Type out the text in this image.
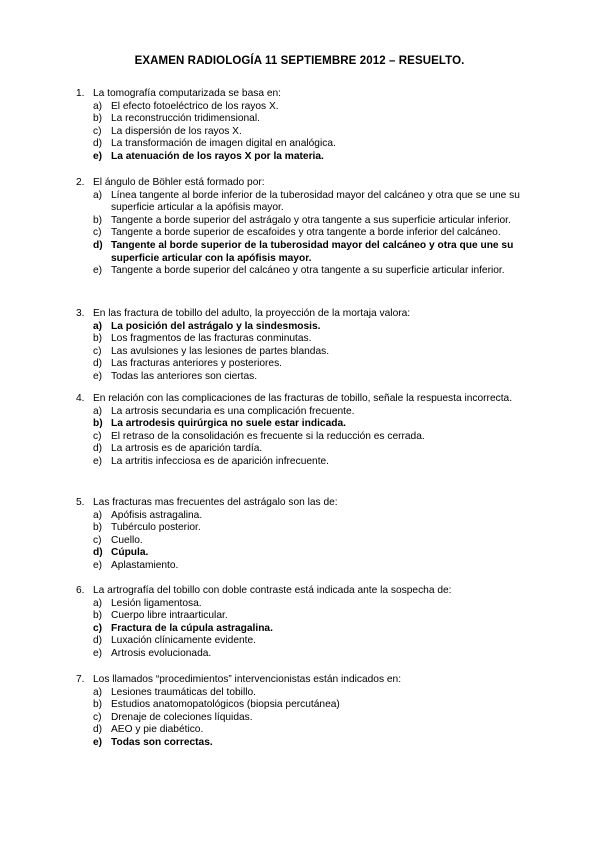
EXAMEN RADIOLOGÍA 11 SEPTIEMBRE 2012 – RESUELTO.
1. La tomografía computarizada se basa en:
a) El efecto fotoeléctrico de los rayos X.
b) La reconstrucción tridimensional.
c) La dispersión de los rayos X.
d) La transformación de imagen digital en analógica.
e) La atenuación de los rayos X por la materia.
2. El ángulo de Böhler está formado por:
a) Línea tangente al borde inferior de la tuberosidad mayor del calcáneo y otra que se une su superficie articular a la apófisis mayor.
b) Tangente a borde superior del astrágalo y otra tangente a sus superficie articular inferior.
c) Tangente a borde superior de escafoides y otra tangente a borde inferior del calcáneo.
d) Tangente al borde superior de la tuberosidad mayor del calcáneo y otra que une su superficie articular con la apófisis mayor.
e) Tangente a borde superior del calcáneo y otra tangente a su superficie articular inferior.
3. En las fractura de tobillo del adulto, la proyección de la mortaja valora:
a) La posición del astrágalo y la sindesmosis.
b) Los fragmentos de las fracturas conminutas.
c) Las avulsiones y las lesiones de partes blandas.
d) Las fracturas anteriores y posteriores.
e) Todas las anteriores son ciertas.
4. En relación con las complicaciones de las fracturas de tobillo, señale la respuesta incorrecta.
a) La artrosis secundaria es una complicación frecuente.
b) La artrodesis quirúrgica no suele estar indicada.
c) El retraso de la consolidación es frecuente si la reducción es cerrada.
d) La artrosis es de aparición tardía.
e) La artritis infecciosa es de aparición infrecuente.
5. Las fracturas mas frecuentes del astrágalo son las de:
a) Apófisis astragalina.
b) Tubérculo posterior.
c) Cuello.
d) Cúpula.
e) Aplastamiento.
6. La artrografía del tobillo con doble contraste está indicada ante la sospecha de:
a) Lesión ligamentosa.
b) Cuerpo libre intraarticular.
c) Fractura de la cúpula astragalina.
d) Luxación clínicamente evidente.
e) Artrosis evolucionada.
7. Los llamados “procedimientos” intervencionistas están indicados en:
a) Lesiones traumáticas del tobillo.
b) Estudios anatomopatológicos (biopsia percutánea)
c) Drenaje de coleciones líquidas.
d) AEO y pie diabético.
e) Todas son correctas.
